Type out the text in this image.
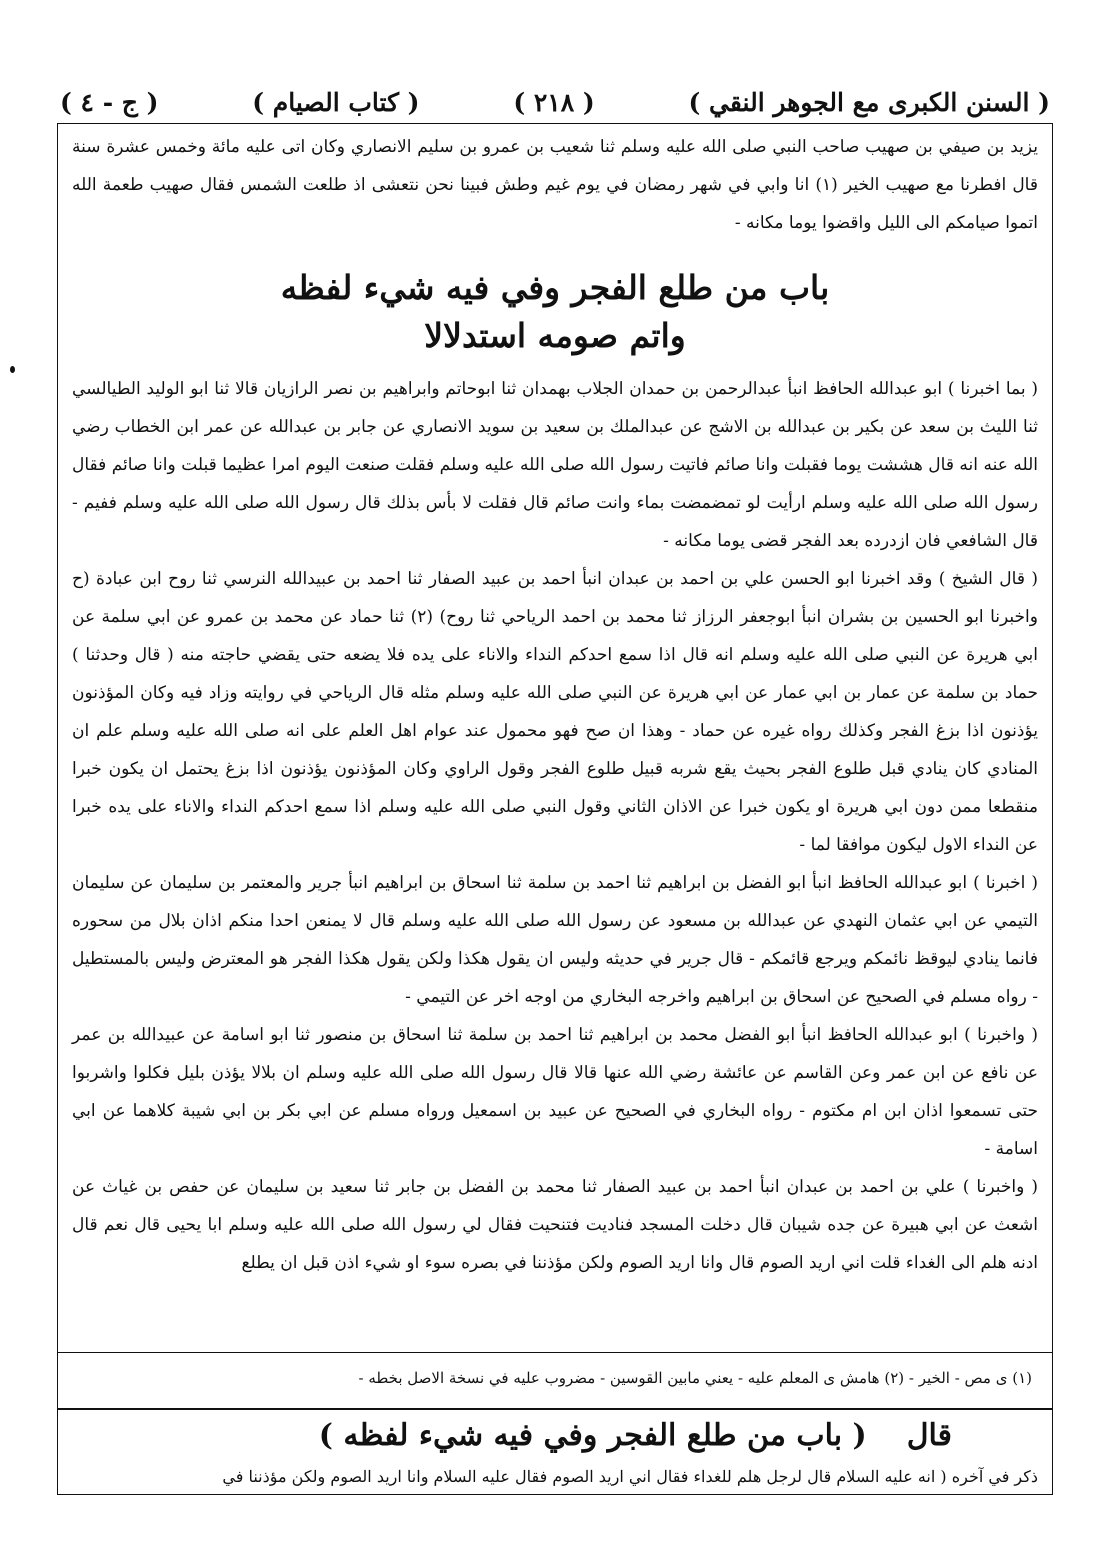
( السنن الكبرى مع الجوهر النقي )
( ٢١٨ )
( كتاب الصيام )
( ج - ٤ )

يزيد بن صيفي بن صهيب صاحب النبي صلى الله عليه وسلم ثنا شعيب بن عمرو بن سليم الانصاري وكان اتى عليه مائة وخمس عشرة سنة قال افطرنا مع صهيب الخير (١) انا وابي في شهر رمضان في يوم غيم وطش فبينا نحن نتعشى اذ طلعت الشمس فقال صهيب طعمة الله اتموا صيامكم الى الليل واقضوا يوما مكانه -

باب من طلع الفجر وفي فيه شيء لفظه
واتم صومه استدلالا

( بما اخبرنا ) ابو عبدالله الحافظ انبأ عبدالرحمن بن حمدان الجلاب بهمدان ثنا ابوحاتم وابراهيم بن نصر الرازيان قالا ثنا ابو الوليد الطيالسي ثنا الليث بن سعد عن بكير بن عبدالله بن الاشج عن عبدالملك بن سعيد بن سويد الانصاري عن جابر بن عبدالله عن عمر ابن الخطاب رضي الله عنه انه قال هششت يوما فقبلت وانا صائم فاتيت رسول الله صلى الله عليه وسلم فقلت صنعت اليوم امرا عظيما قبلت وانا صائم فقال رسول الله صلى الله عليه وسلم ارأيت لو تمضمضت بماء وانت صائم قال فقلت لا بأس بذلك قال رسول الله صلى الله عليه وسلم ففيم - قال الشافعي فان ازدرده بعد الفجر قضى يوما مكانه -

( قال الشيخ ) وقد اخبرنا ابو الحسن علي بن احمد بن عبدان انبأ احمد بن عبيد الصفار ثنا احمد بن عبيدالله النرسي ثنا روح ابن عبادة (ح واخبرنا ابو الحسين بن بشران انبأ ابوجعفر الرزاز ثنا محمد بن احمد الرياحي ثنا روح) (٢) ثنا حماد عن محمد بن عمرو عن ابي سلمة عن ابي هريرة عن النبي صلى الله عليه وسلم انه قال اذا سمع احدكم النداء والاناء على يده فلا يضعه حتى يقضي حاجته منه ( قال وحدثنا ) حماد بن سلمة عن عمار بن ابي عمار عن ابي هريرة عن النبي صلى الله عليه وسلم مثله قال الرياحي في روايته وزاد فيه وكان المؤذنون يؤذنون اذا بزغ الفجر وكذلك رواه غيره عن حماد - وهذا ان صح فهو محمول عند عوام اهل العلم على انه صلى الله عليه وسلم علم ان المنادي كان ينادي قبل طلوع الفجر بحيث يقع شربه قبيل طلوع الفجر وقول الراوي وكان المؤذنون يؤذنون اذا بزغ يحتمل ان يكون خبرا منقطعا ممن دون ابي هريرة او يكون خبرا عن الاذان الثاني وقول النبي صلى الله عليه وسلم اذا سمع احدكم النداء والاناء على يده خبرا عن النداء الاول ليكون موافقا لما -

( اخبرنا ) ابو عبدالله الحافظ انبأ ابو الفضل بن ابراهيم ثنا احمد بن سلمة ثنا اسحاق بن ابراهيم انبأ جرير والمعتمر بن سليمان عن سليمان التيمي عن ابي عثمان النهدي عن عبدالله بن مسعود عن رسول الله صلى الله عليه وسلم قال لا يمنعن احدا منكم اذان بلال من سحوره فانما ينادي ليوقظ نائمكم ويرجع قائمكم - قال جرير في حديثه وليس ان يقول هكذا ولكن يقول هكذا الفجر هو المعترض وليس بالمستطيل - رواه مسلم في الصحيح عن اسحاق بن ابراهيم واخرجه البخاري من اوجه اخر عن التيمي -

( واخبرنا ) ابو عبدالله الحافظ انبأ ابو الفضل محمد بن ابراهيم ثنا احمد بن سلمة ثنا اسحاق بن منصور ثنا ابو اسامة عن عبيدالله بن عمر عن نافع عن ابن عمر وعن القاسم عن عائشة رضي الله عنها قالا قال رسول الله صلى الله عليه وسلم ان بلالا يؤذن بليل فكلوا واشربوا حتى تسمعوا اذان ابن ام مكتوم - رواه البخاري في الصحيح عن عبيد بن اسمعيل ورواه مسلم عن ابي بكر بن ابي شيبة كلاهما عن ابي اسامة -

( واخبرنا ) علي بن احمد بن عبدان انبأ احمد بن عبيد الصفار ثنا محمد بن الفضل بن جابر ثنا سعيد بن سليمان عن حفص بن غياث عن اشعث عن ابي هبيرة عن جده شيبان قال دخلت المسجد فناديت فتنحيت فقال لي رسول الله صلى الله عليه وسلم ابا يحيى قال نعم قال ادنه هلم الى الغداء قلت اني اريد الصوم قال وانا اريد الصوم ولكن مؤذننا في بصره سوء او شيء اذن قبل ان يطلع

(١) ى مص - الخير - (٢) هامش ى المعلم عليه - يعني مابين القوسين - مضروب عليه في نسخة الاصل بخطه -
قال
( باب من طلع الفجر وفي فيه شيء لفظه )
ذكر في آخره ( انه عليه السلام قال لرجل هلم للغداء فقال اني اريد الصوم فقال عليه السلام وانا اريد الصوم ولكن مؤذننا في
